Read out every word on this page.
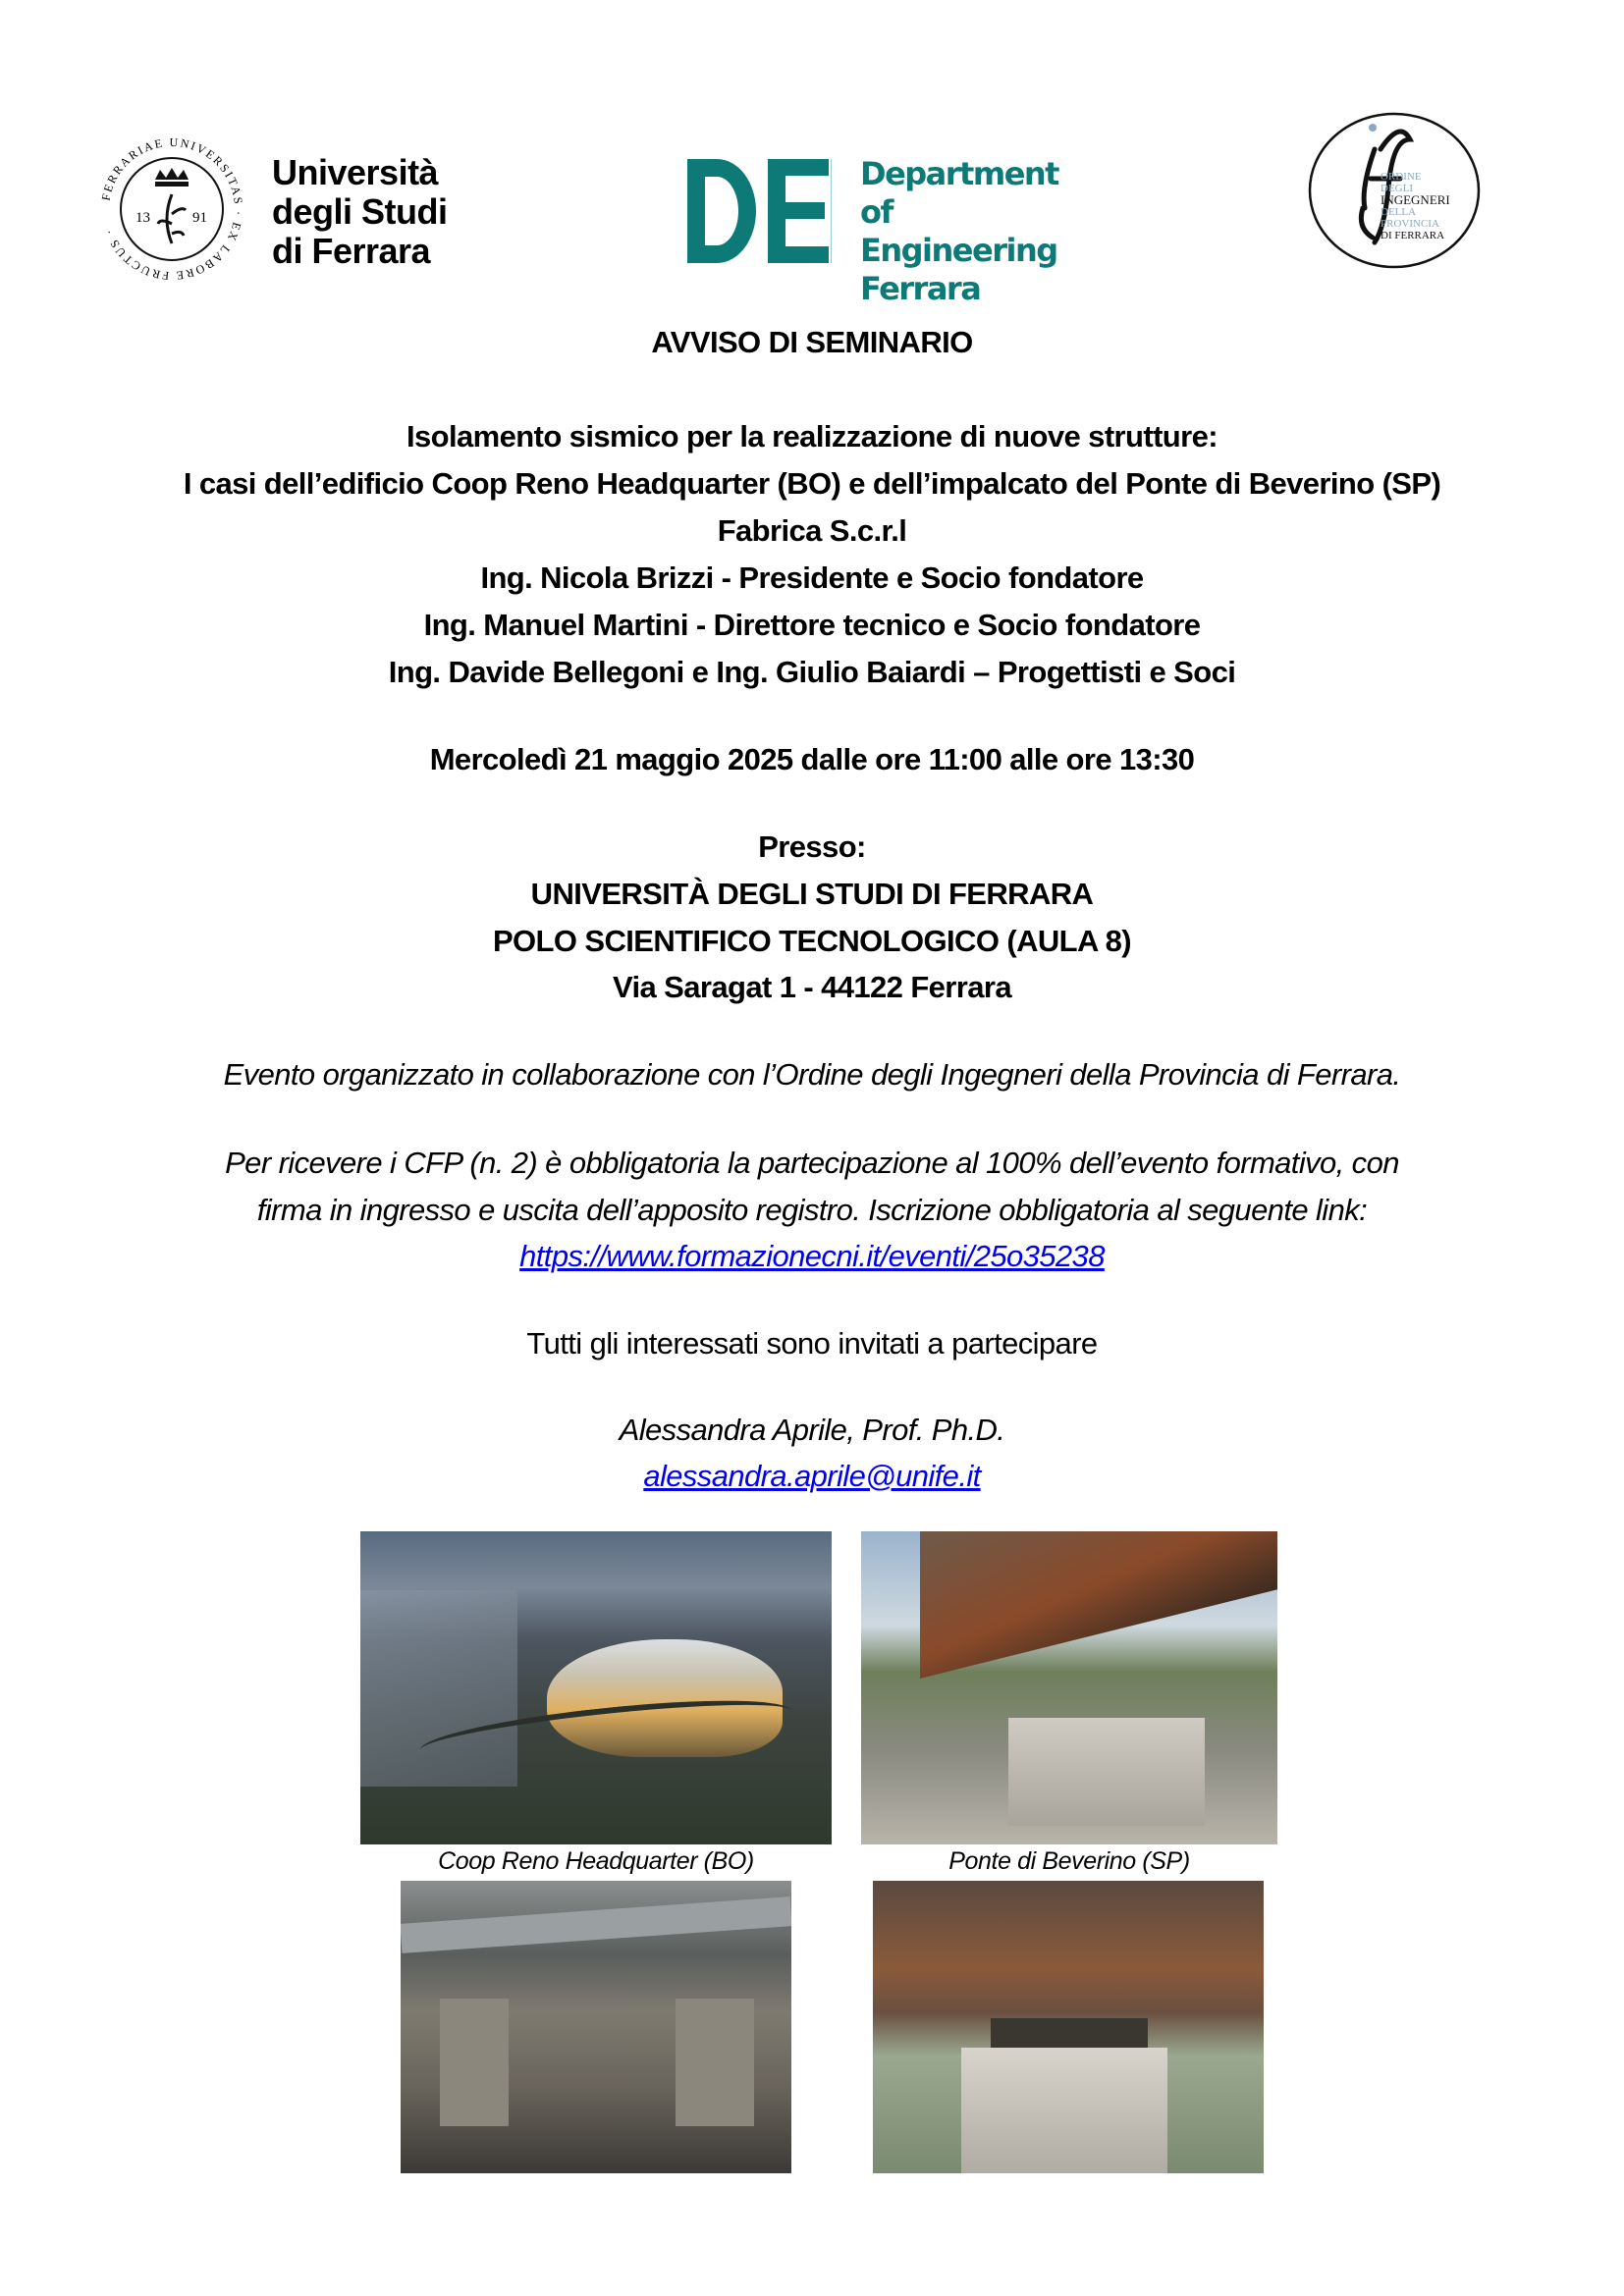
FERRARIAE UNIVERSITAS · EX LABORE FRUCTUS ·
13	91
Università
degli Studi
di Ferrara
Department of
Engineering
Ferrara
ORDINE
DEGLI
INGEGNERI
DELLA
PROVINCIA
DI FERRARA
AVVISO DI SEMINARIO
Isolamento sismico per la realizzazione di nuove strutture:
I casi dell’edificio Coop Reno Headquarter (BO) e dell’impalcato del Ponte di Beverino (SP)
Fabrica S.c.r.l
Ing. Nicola Brizzi - Presidente e Socio fondatore
Ing. Manuel Martini - Direttore tecnico e Socio fondatore
Ing. Davide Bellegoni e Ing. Giulio Baiardi – Progettisti e Soci
Mercoledì 21 maggio 2025 dalle ore 11:00 alle ore 13:30
Presso:
UNIVERSITÀ DEGLI STUDI DI FERRARA
POLO SCIENTIFICO TECNOLOGICO (AULA 8)
Via Saragat 1 - 44122 Ferrara
Evento organizzato in collaborazione con l’Ordine degli Ingegneri della Provincia di Ferrara.
Per ricevere i CFP (n. 2) è obbligatoria la partecipazione al 100% dell’evento formativo, con
firma in ingresso e uscita dell’apposito registro. Iscrizione obbligatoria al seguente link:
https://www.formazionecni.it/eventi/25o35238
Tutti gli interessati sono invitati a partecipare
Alessandra Aprile, Prof. Ph.D.
alessandra.aprile@unife.it
Coop Reno Headquarter (BO)	Ponte di Beverino (SP)
